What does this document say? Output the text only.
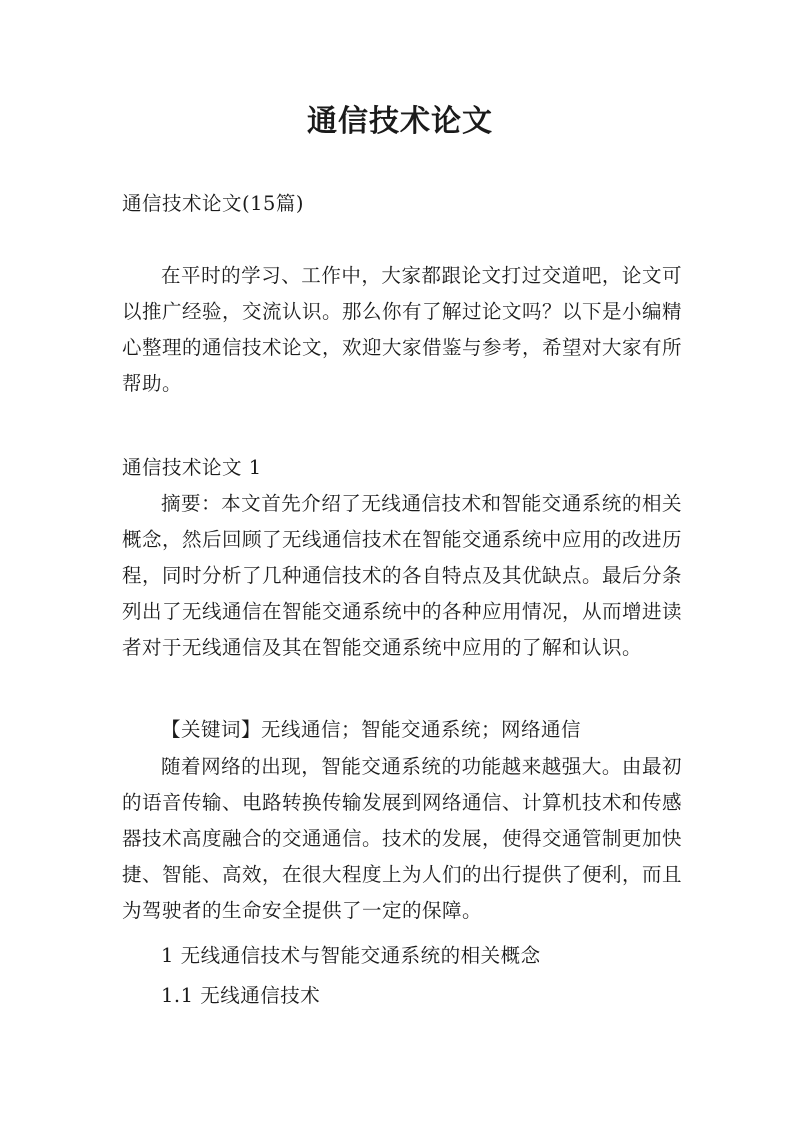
通信技术论文
通信技术论文(15篇)
在平时的学习、工作中，大家都跟论文打过交道吧，论文可以推广经验，交流认识。那么你有了解过论文吗？以下是小编精心整理的通信技术论文，欢迎大家借鉴与参考，希望对大家有所帮助。
通信技术论文 1
摘要：本文首先介绍了无线通信技术和智能交通系统的相关概念，然后回顾了无线通信技术在智能交通系统中应用的改进历程，同时分析了几种通信技术的各自特点及其优缺点。最后分条列出了无线通信在智能交通系统中的各种应用情况，从而增进读者对于无线通信及其在智能交通系统中应用的了解和认识。
【关键词】无线通信；智能交通系统；网络通信
随着网络的出现，智能交通系统的功能越来越强大。由最初的语音传输、电路转换传输发展到网络通信、计算机技术和传感器技术高度融合的交通通信。技术的发展，使得交通管制更加快捷、智能、高效，在很大程度上为人们的出行提供了便利，而且为驾驶者的生命安全提供了一定的保障。
1 无线通信技术与智能交通系统的相关概念
1.1 无线通信技术
